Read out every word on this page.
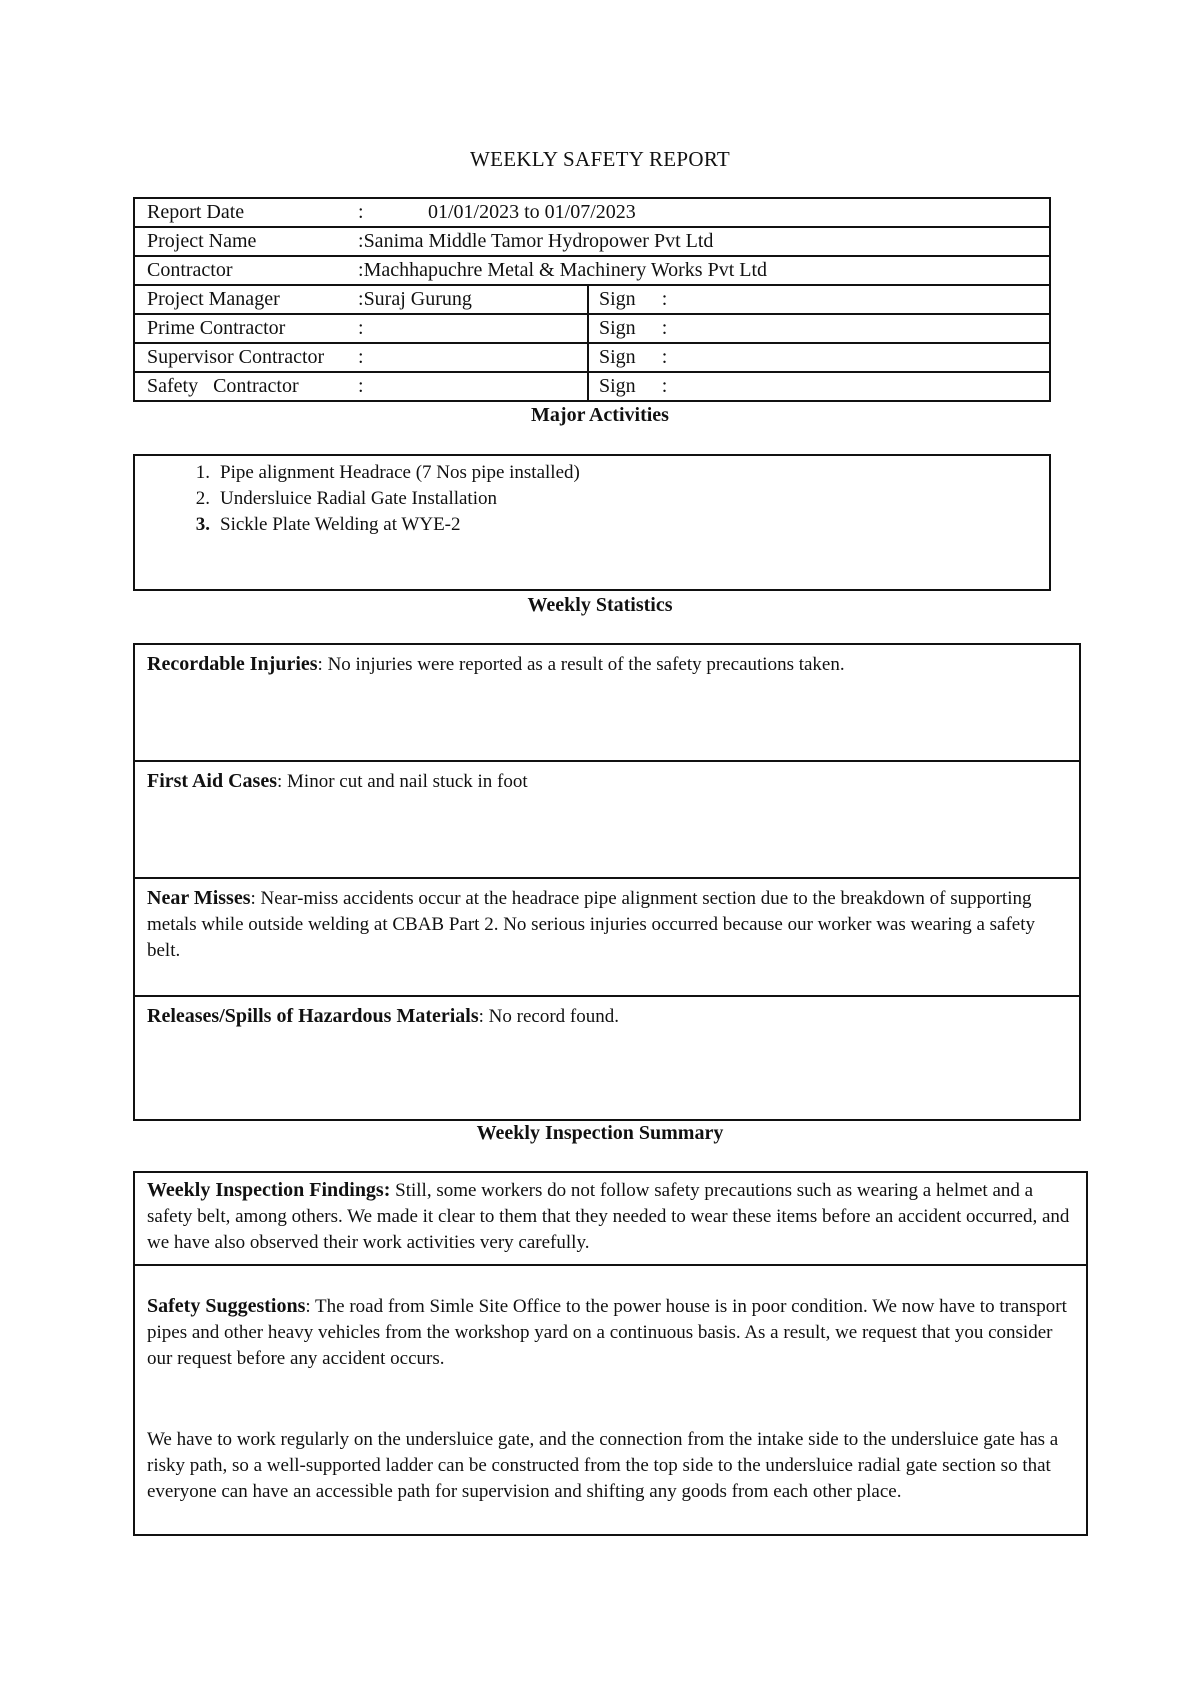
WEEKLY SAFETY REPORT
Report Date	:	01/01/2023 to 01/07/2023
Project Name	:Sanima Middle Tamor Hydropower Pvt Ltd
Contractor	:Machhapuchre Metal & Machinery Works Pvt Ltd
Project Manager	:Suraj Gurung	Sign :
Prime Contractor	:	Sign :
Supervisor Contractor	:	Sign :
Safety   Contractor	:	Sign :
Major Activities
1. Pipe alignment Headrace (7 Nos pipe installed)
2. Undersluice Radial Gate Installation
3. Sickle Plate Welding at WYE-2
Weekly Statistics
Recordable Injuries: No injuries were reported as a result of the safety precautions taken.
First Aid Cases: Minor cut and nail stuck in foot
Near Misses: Near-miss accidents occur at the headrace pipe alignment section due to the breakdown of supporting metals while outside welding at CBAB Part 2. No serious injuries occurred because our worker was wearing a safety belt.
Releases/Spills of Hazardous Materials: No record found.
Weekly Inspection Summary
Weekly Inspection Findings: Still, some workers do not follow safety precautions such as wearing a helmet and a safety belt, among others. We made it clear to them that they needed to wear these items before an accident occurred, and we have also observed their work activities very carefully.
Safety Suggestions: The road from Simle Site Office to the power house is in poor condition. We now have to transport pipes and other heavy vehicles from the workshop yard on a continuous basis. As a result, we request that you consider our request before any accident occurs.
We have to work regularly on the undersluice gate, and the connection from the intake side to the undersluice gate has a risky path, so a well-supported ladder can be constructed from the top side to the undersluice radial gate section so that everyone can have an accessible path for supervision and shifting any goods from each other place.
